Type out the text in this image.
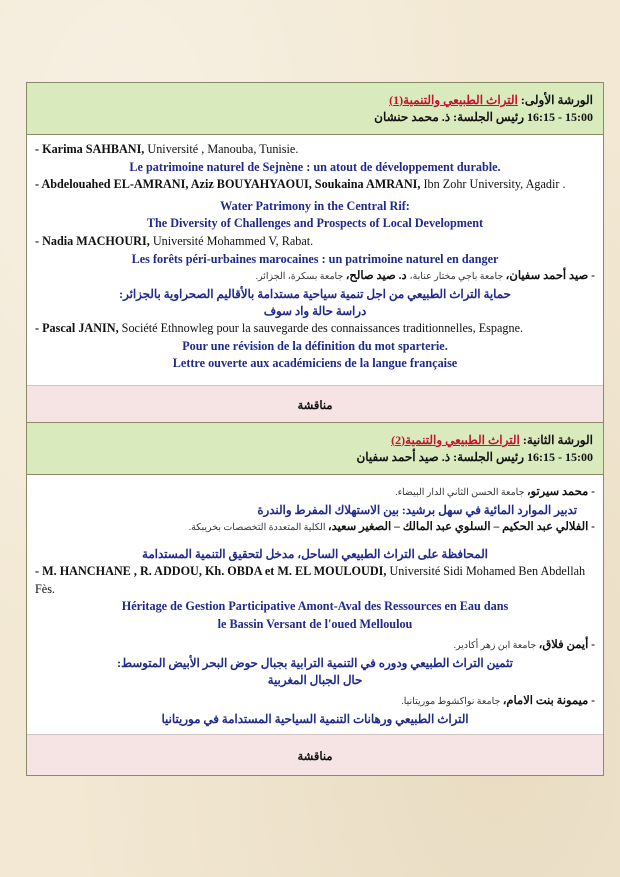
الورشة الأولى: التراث الطبيعي والتنمية(1)
15:00 - 16:15 رئيس الجلسة: ذ. محمد حنشان
- Karima SAHBANI, Université , Manouba, Tunisie.
Le patrimoine naturel de Sejnène : un atout de développement durable.
- Abdelouahed EL-AMRANI, Aziz BOUYAHYAOUI, Soukaina AMRANI, Ibn Zohr University, Agadir .
Water Patrimony in the Central Rif:
The Diversity of Challenges and Prospects of Local Development
- Nadia MACHOURI, Université Mohammed V, Rabat.
Les forêts péri-urbaines marocaines : un patrimoine naturel en danger
- صيد أحمد سفيان، جامعة باجي مختار عنابة، د. صيد صالح، جامعة بسكرة، الجزائر.
حماية التراث الطبيعي من اجل تنمية سياحية مستدامة بالأقاليم الصحراوية بالجزائر:
دراسة حالة واد سوف
- Pascal JANIN, Société Ethnowleg pour la sauvegarde des connaissances traditionnelles, Espagne.
Pour une révision de la définition du mot sparterie.
Lettre ouverte aux académiciens de la langue française
مناقشة
الورشة الثانية: التراث الطبيعي والتنمية(2)
15:00 - 16:15 رئيس الجلسة: ذ. صيد أحمد سفيان
- محمد سيرتو، جامعة الحسن الثاني الدار البيضاء.
تدبير الموارد المائية في سهل برشيد: بين الاستهلاك المفرط والندرة
- الفلالي عبد الحكيم – السلوي عبد المالك – الصغير سعيد، الكلية المتعددة التخصصات بخريبكة.
المحافظة على التراث الطبيعي الساحل، مدخل لتحقيق التنمية المستدامة
- M. HANCHANE , R. ADDOU, Kh. OBDA et M. EL MOULOUDI, Université Sidi Mohamed Ben Abdellah Fès.
Héritage de Gestion Participative Amont-Aval des Ressources en Eau dans
le Bassin Versant de l'oued Melloulou
- أيمن فلاق، جامعة ابن زهر أكادير.
تثمين التراث الطبيعي ودوره في التنمية الترابية بجبال حوض البحر الأبيض المتوسط:
حال الجبال المغربية
- ميمونة بنت الامام، جامعة نواكشوط موريتانيا.
التراث الطبيعي ورهانات التنمية السياحية المستدامة في موريتانيا
مناقشة
